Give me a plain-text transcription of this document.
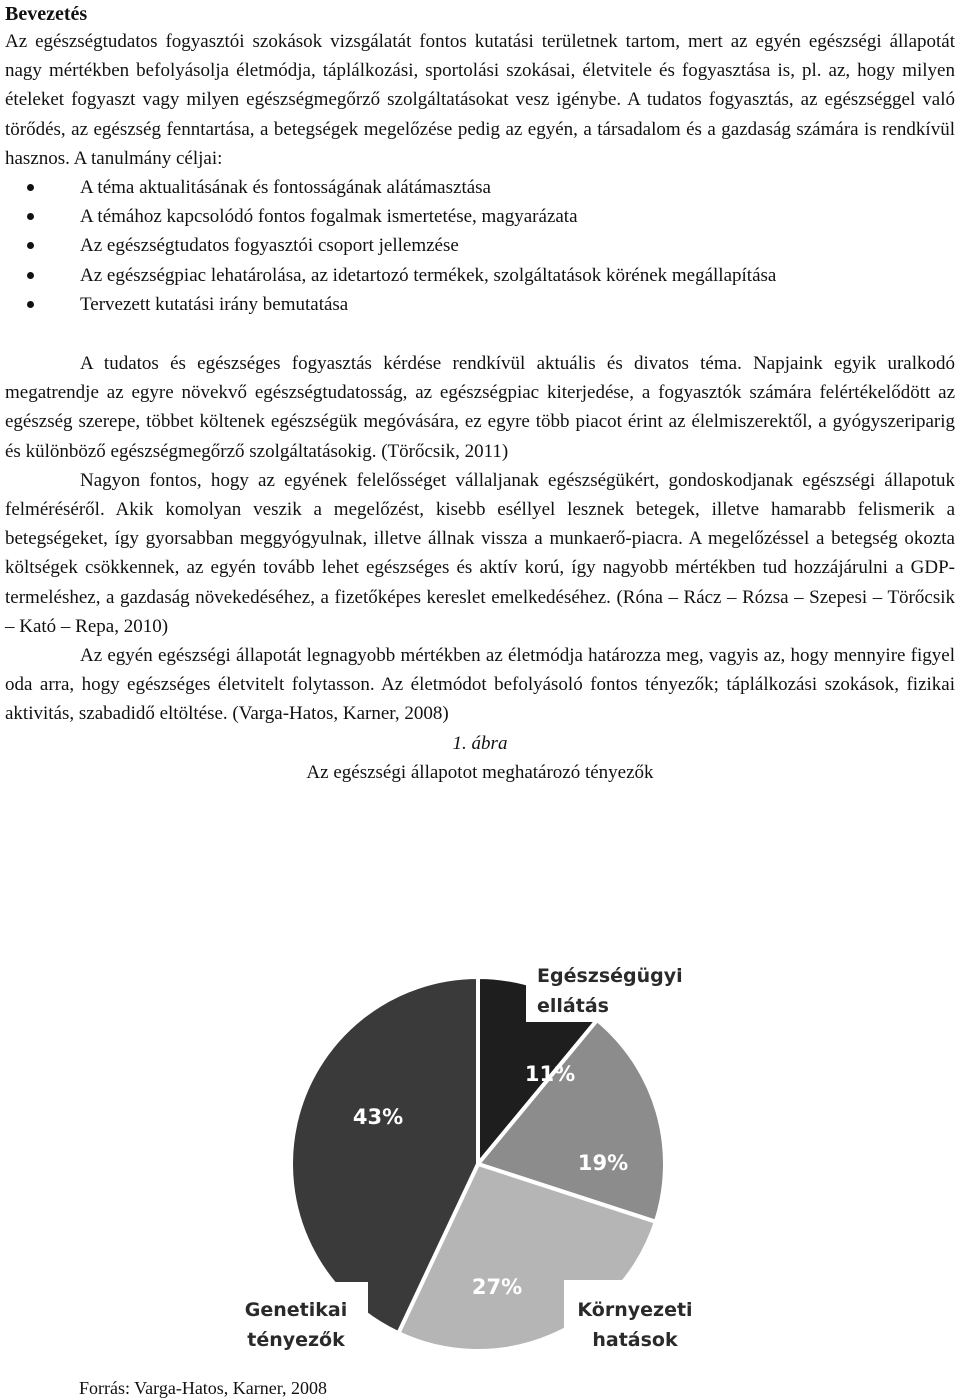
Bevezetés

Az egészségtudatos fogyasztói szokások vizsgálatát fontos kutatási területnek tartom, mert az egyén egészségi állapotát nagy mértékben befolyásolja életmódja, táplálkozási, sportolási szokásai, életvitele és fogyasztása is, pl. az, hogy milyen ételeket fogyaszt vagy milyen egészségmegőrző szolgáltatásokat vesz igénybe. A tudatos fogyasztás, az egészséggel való törődés, az egészség fenntartása, a betegségek megelőzése pedig az egyén, a társadalom és a gazdaság számára is rendkívül hasznos. A tanulmány céljai:

A téma aktualitásának és fontosságának alátámasztása
A témához kapcsolódó fontos fogalmak ismertetése, magyarázata
Az egészségtudatos fogyasztói csoport jellemzése
Az egészségpiac lehatárolása, az idetartozó termékek, szolgáltatások körének megállapítása
Tervezett kutatási irány bemutatása

A tudatos és egészséges fogyasztás kérdése rendkívül aktuális és divatos téma. Napjaink egyik uralkodó megatrendje az egyre növekvő egészségtudatosság, az egészségpiac kiterjedése, a fogyasztók számára felértékelődött az egészség szerepe, többet költenek egészségük megóvására, ez egyre több piacot érint az élelmiszerektől, a gyógyszeriparig és különböző egészségmegőrző szolgáltatásokig. (Törőcsik, 2011)

Nagyon fontos, hogy az egyének felelősséget vállaljanak egészségükért, gondoskodjanak egészségi állapotuk felméréséről. Akik komolyan veszik a megelőzést, kisebb eséllyel lesznek betegek, illetve hamarabb felismerik a betegségeket, így gyorsabban meggyógyulnak, illetve állnak vissza a munkaerő-piacra. A megelőzéssel a betegség okozta költségek csökkennek, az egyén tovább lehet egészséges és aktív korú, így nagyobb mértékben tud hozzájárulni a GDP-termeléshez, a gazdaság növekedéséhez, a fizetőképes kereslet emelkedéséhez. (Róna – Rácz – Rózsa – Szepesi – Törőcsik – Kató – Repa, 2010)

Az egyén egészségi állapotát legnagyobb mértékben az életmódja határozza meg, vagyis az, hogy mennyire figyel oda arra, hogy egészséges életvitelt folytasson. Az életmódot befolyásoló fontos tényezők; táplálkozási szokások, fizikai aktivitás, szabadidő eltöltése. (Varga-Hatos, Karner, 2008)

1. ábra
Az egészségi állapotot meghatározó tényezők
11%
19%
27%
43%
Egészségügyi
ellátás
Környezeti
hatások
Genetikai
tényezők
Életmód
Forrás: Varga-Hatos, Karner, 2008
